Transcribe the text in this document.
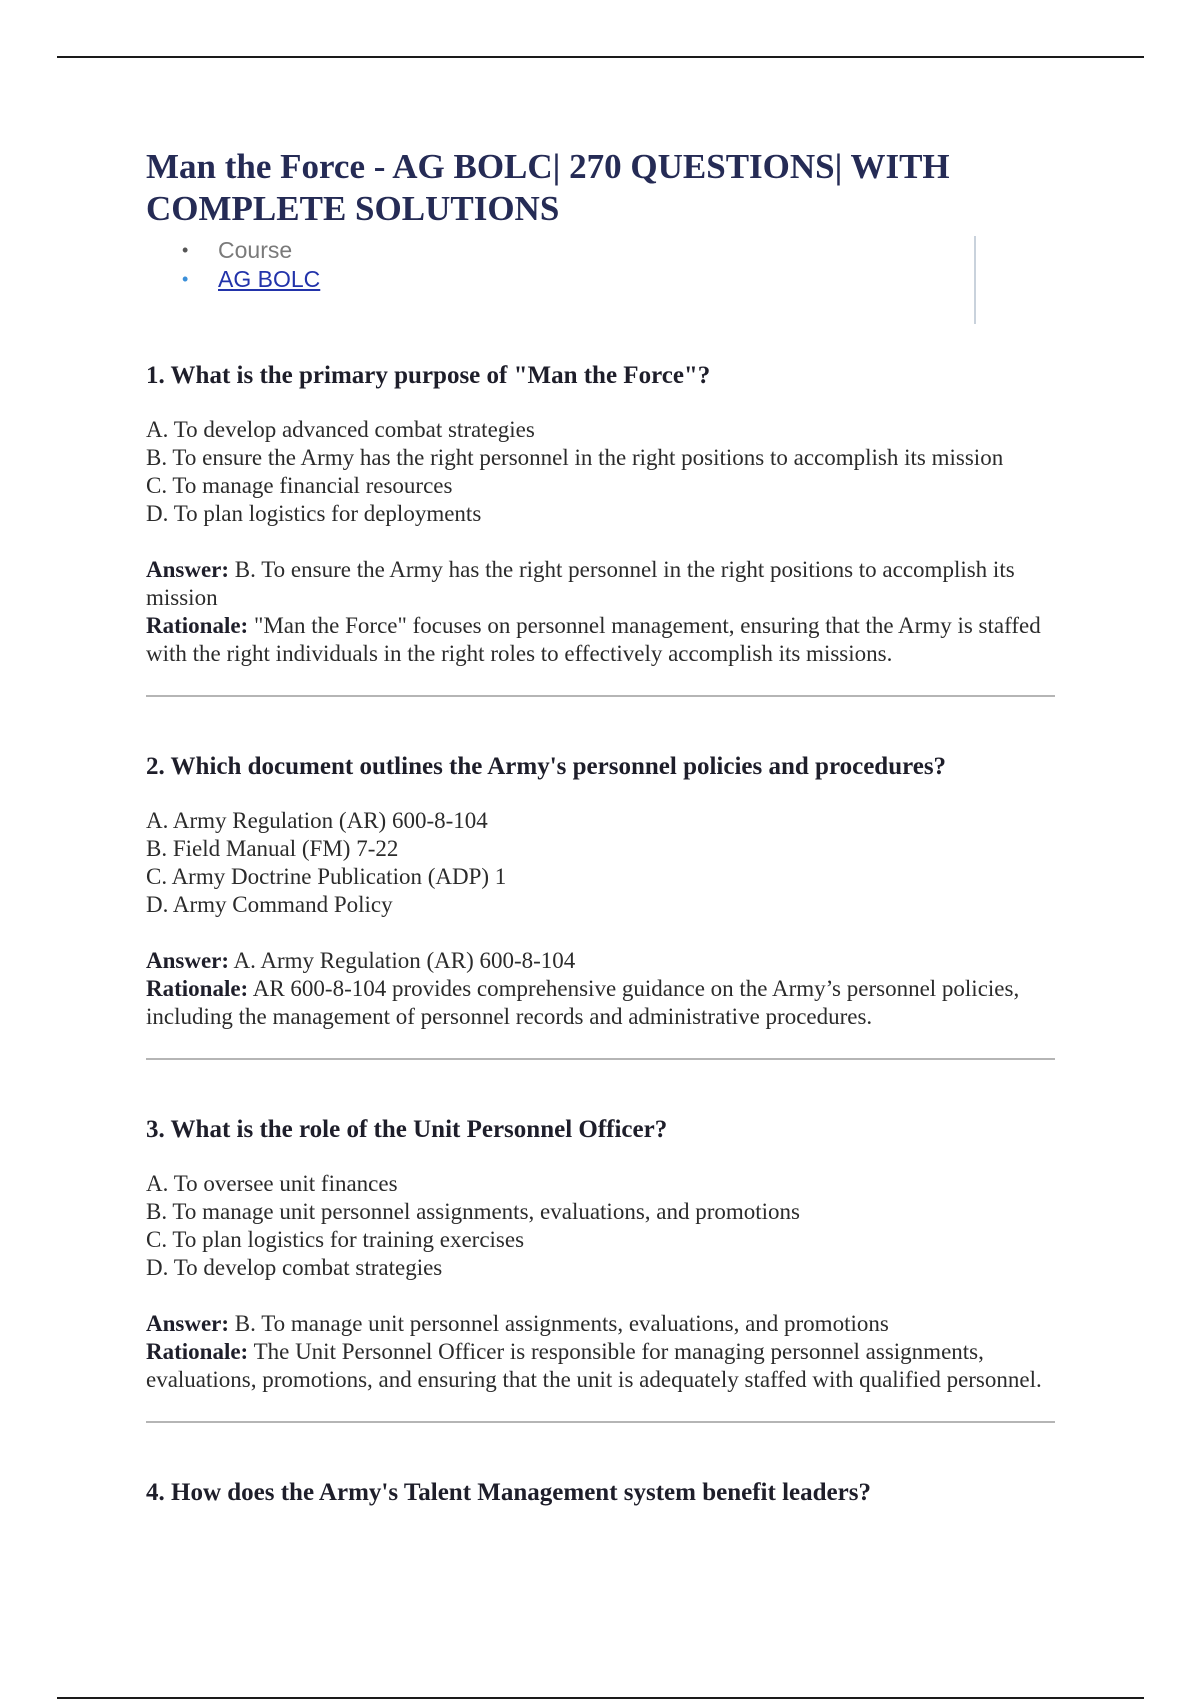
Man the Force - AG BOLC| 270 QUESTIONS| WITH COMPLETE SOLUTIONS
• Course
• AG BOLC
1. What is the primary purpose of "Man the Force"?
A. To develop advanced combat strategies
B. To ensure the Army has the right personnel in the right positions to accomplish its mission
C. To manage financial resources
D. To plan logistics for deployments
Answer: B. To ensure the Army has the right personnel in the right positions to accomplish its mission
Rationale: "Man the Force" focuses on personnel management, ensuring that the Army is staffed with the right individuals in the right roles to effectively accomplish its missions.
2. Which document outlines the Army's personnel policies and procedures?
A. Army Regulation (AR) 600-8-104
B. Field Manual (FM) 7-22
C. Army Doctrine Publication (ADP) 1
D. Army Command Policy
Answer: A. Army Regulation (AR) 600-8-104
Rationale: AR 600-8-104 provides comprehensive guidance on the Army’s personnel policies, including the management of personnel records and administrative procedures.
3. What is the role of the Unit Personnel Officer?
A. To oversee unit finances
B. To manage unit personnel assignments, evaluations, and promotions
C. To plan logistics for training exercises
D. To develop combat strategies
Answer: B. To manage unit personnel assignments, evaluations, and promotions
Rationale: The Unit Personnel Officer is responsible for managing personnel assignments, evaluations, promotions, and ensuring that the unit is adequately staffed with qualified personnel.
4. How does the Army's Talent Management system benefit leaders?
